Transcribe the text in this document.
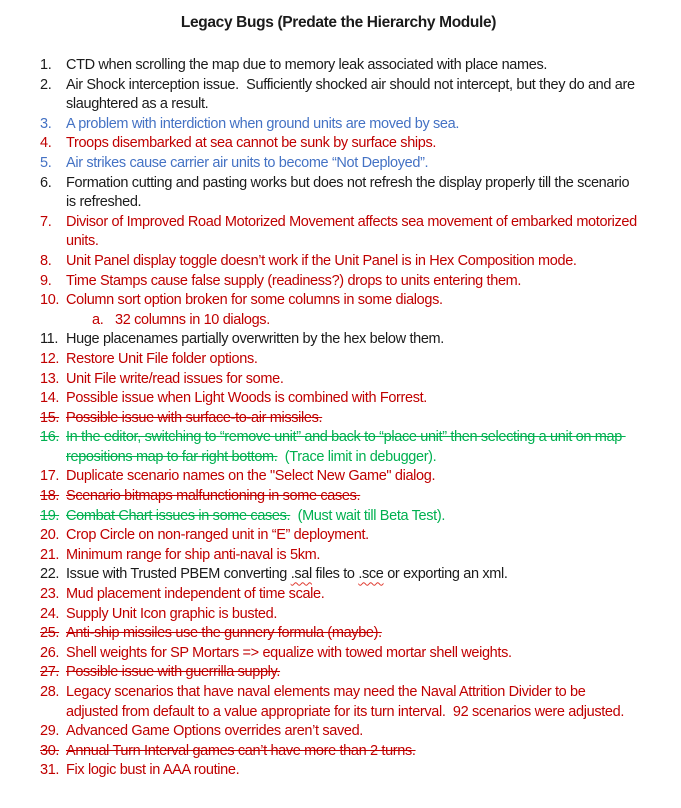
Legacy Bugs (Predate the Hierarchy Module)
1.	CTD when scrolling the map due to memory leak associated with place names.
2.	Air Shock interception issue.  Sufficiently shocked air should not intercept, but they do and are slaughtered as a result.
3.	A problem with interdiction when ground units are moved by sea.
4.	Troops disembarked at sea cannot be sunk by surface ships.
5.	Air strikes cause carrier air units to become “Not Deployed”.
6.	Formation cutting and pasting works but does not refresh the display properly till the scenario is refreshed.
7.	Divisor of Improved Road Motorized Movement affects sea movement of embarked motorized units.
8.	Unit Panel display toggle doesn’t work if the Unit Panel is in Hex Composition mode.
9.	Time Stamps cause false supply (readiness?) drops to units entering them.
10. Column sort option broken for some columns in some dialogs.
a. 32 columns in 10 dialogs.
11. Huge placenames partially overwritten by the hex below them.
12. Restore Unit File folder options.
13. Unit File write/read issues for some.
14. Possible issue when Light Woods is combined with Forrest.
15. Possible issue with surface-to-air missiles.
16. In the editor, switching to “remove unit” and back to “place unit” then selecting a unit on map repositions map to far right bottom.  (Trace limit in debugger).
17. Duplicate scenario names on the "Select New Game" dialog.
18. Scenario bitmaps malfunctioning in some cases.
19. Combat Chart issues in some cases.  (Must wait till Beta Test).
20. Crop Circle on non-ranged unit in “E” deployment.
21. Minimum range for ship anti-naval is 5km.
22. Issue with Trusted PBEM converting .sal files to .sce or exporting an xml.
23. Mud placement independent of time scale.
24. Supply Unit Icon graphic is busted.
25. Anti-ship missiles use the gunnery formula (maybe).
26. Shell weights for SP Mortars => equalize with towed mortar shell weights.
27. Possible issue with guerrilla supply.
28. Legacy scenarios that have naval elements may need the Naval Attrition Divider to be adjusted from default to a value appropriate for its turn interval.  92 scenarios were adjusted.
29. Advanced Game Options overrides aren’t saved.
30. Annual Turn Interval games can’t have more than 2 turns.
31. Fix logic bust in AAA routine.
